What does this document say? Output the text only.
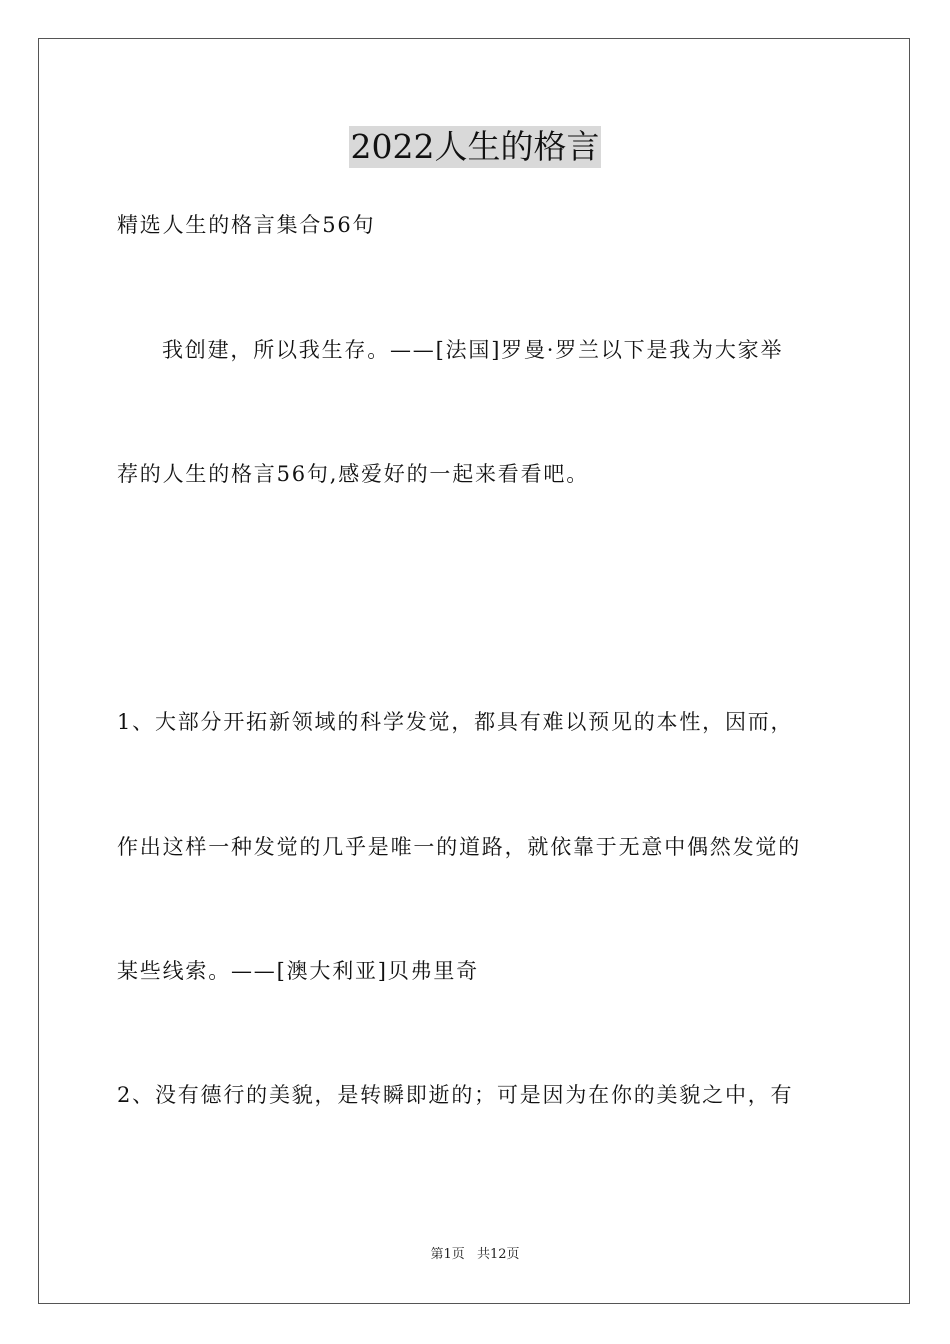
2022人生的格言
精选人生的格言集合56句
我创建，所以我生存。——[法国]罗曼·罗兰以下是我为大家举
荐的人生的格言56句,感爱好的一起来看看吧。
1、大部分开拓新领域的科学发觉，都具有难以预见的本性，因而，
作出这样一种发觉的几乎是唯一的道路，就依靠于无意中偶然发觉的
某些线索。——[澳大利亚]贝弗里奇
2、没有德行的美貌，是转瞬即逝的；可是因为在你的美貌之中，有
第1页 共12页
